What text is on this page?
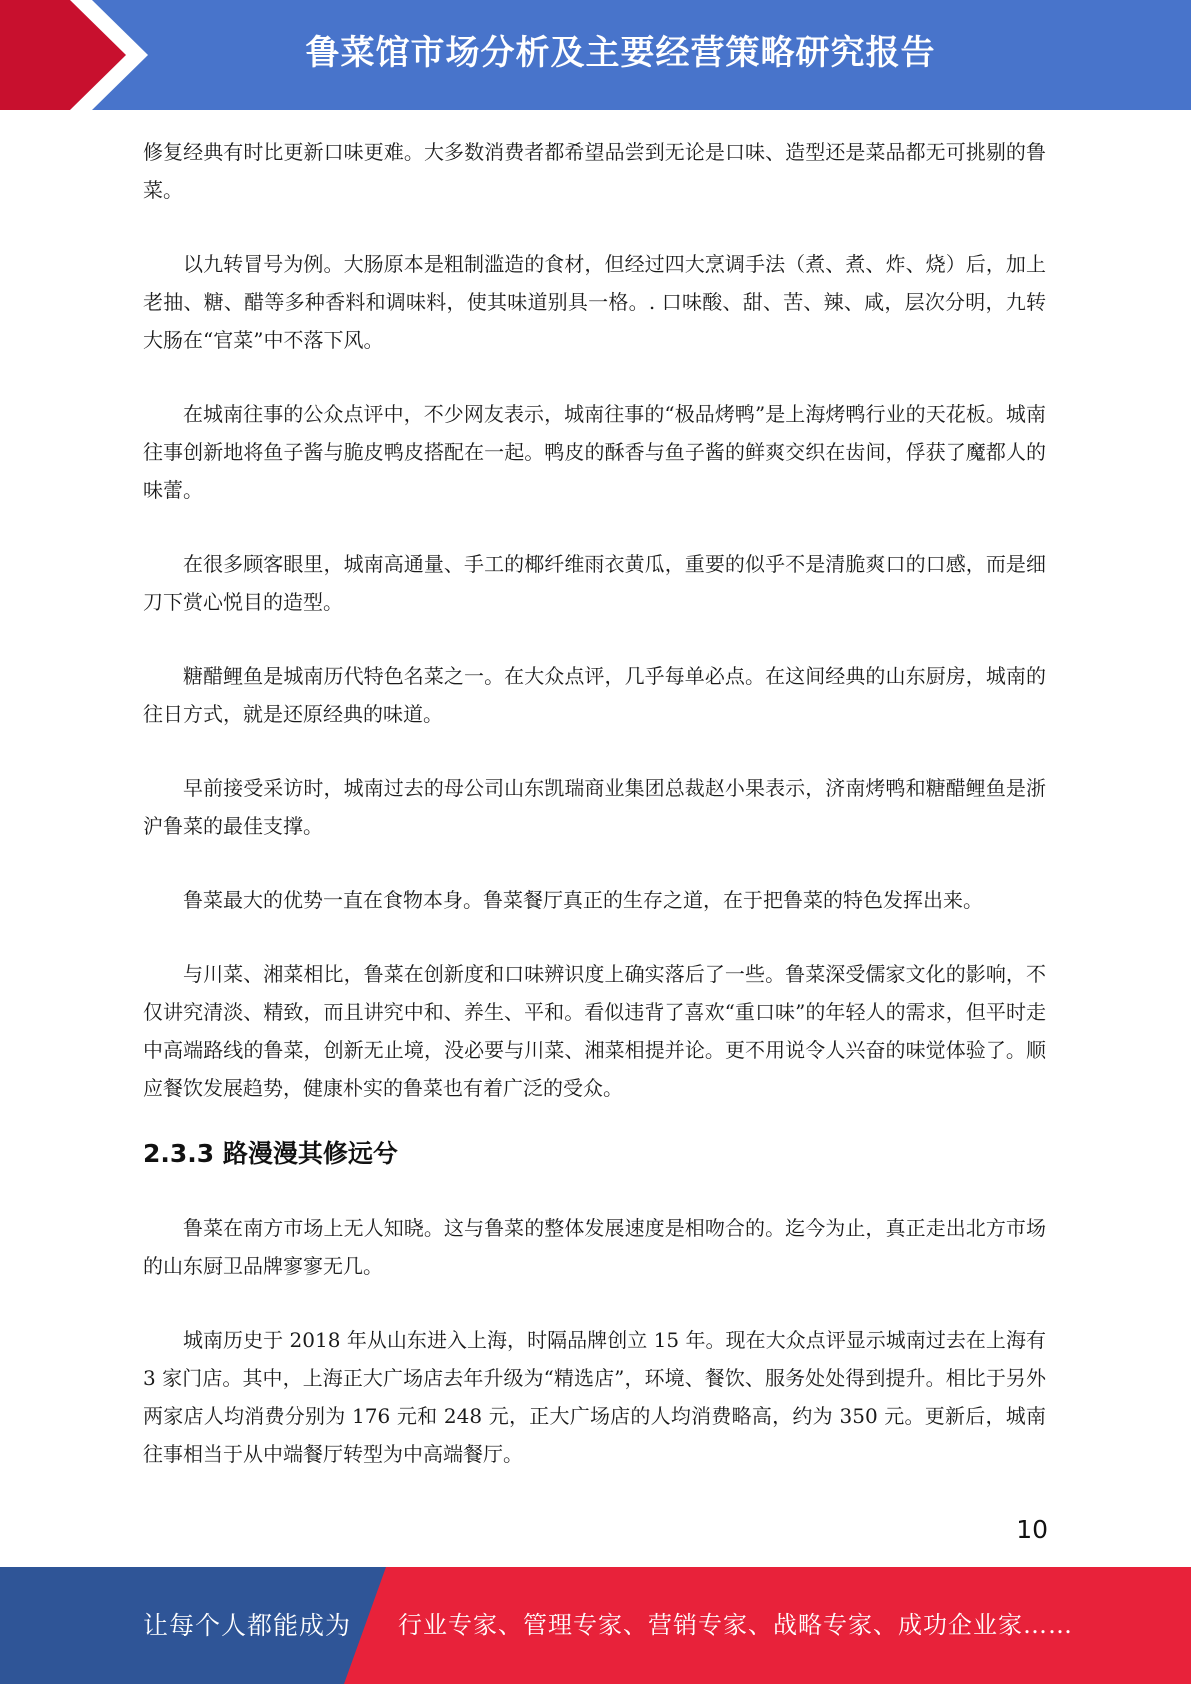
鲁菜馆市场分析及主要经营策略研究报告

修复经典有时比更新口味更难。大多数消费者都希望品尝到无论是口味、造型还是菜品都无可挑剔的鲁菜。

以九转冒号为例。大肠原本是粗制滥造的食材，但经过四大烹调手法（煮、煮、炸、烧）后，加上老抽、糖、醋等多种香料和调味料，使其味道别具一格。. 口味酸、甜、苦、辣、咸，层次分明，九转大肠在“官菜”中不落下风。

在城南往事的公众点评中，不少网友表示，城南往事的“极品烤鸭”是上海烤鸭行业的天花板。城南往事创新地将鱼子酱与脆皮鸭皮搭配在一起。鸭皮的酥香与鱼子酱的鲜爽交织在齿间，俘获了魔都人的味蕾。

在很多顾客眼里，城南高通量、手工的椰纤维雨衣黄瓜，重要的似乎不是清脆爽口的口感，而是细刀下赏心悦目的造型。

糖醋鲤鱼是城南历代特色名菜之一。在大众点评，几乎每单必点。在这间经典的山东厨房，城南的往日方式，就是还原经典的味道。

早前接受采访时，城南过去的母公司山东凯瑞商业集团总裁赵小果表示，济南烤鸭和糖醋鲤鱼是浙沪鲁菜的最佳支撑。

鲁菜最大的优势一直在食物本身。鲁菜餐厅真正的生存之道，在于把鲁菜的特色发挥出来。

与川菜、湘菜相比，鲁菜在创新度和口味辨识度上确实落后了一些。鲁菜深受儒家文化的影响，不仅讲究清淡、精致，而且讲究中和、养生、平和。看似违背了喜欢“重口味”的年轻人的需求，但平时走中高端路线的鲁菜，创新无止境，没必要与川菜、湘菜相提并论。更不用说令人兴奋的味觉体验了。顺应餐饮发展趋势，健康朴实的鲁菜也有着广泛的受众。

2.3.3 路漫漫其修远兮

鲁菜在南方市场上无人知晓。这与鲁菜的整体发展速度是相吻合的。迄今为止，真正走出北方市场的山东厨卫品牌寥寥无几。

城南历史于 2018 年从山东进入上海，时隔品牌创立 15 年。现在大众点评显示城南过去在上海有 3 家门店。其中，上海正大广场店去年升级为“精选店”，环境、餐饮、服务处处得到提升。相比于另外两家店人均消费分别为 176 元和 248 元，正大广场店的人均消费略高，约为 350 元。更新后，城南往事相当于从中端餐厅转型为中高端餐厅。

10
让每个人都能成为 行业专家、管理专家、营销专家、战略专家、成功企业家……
